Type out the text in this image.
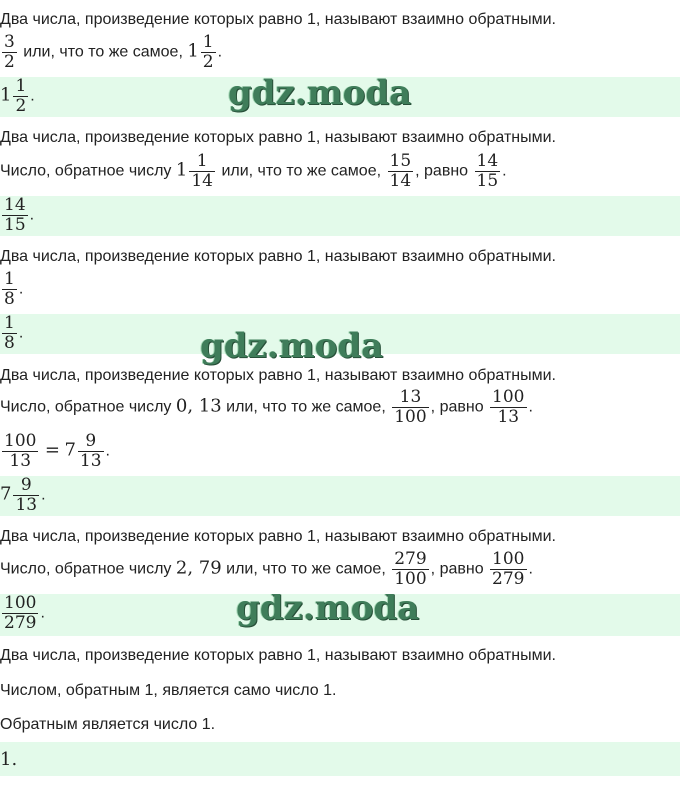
Два числа, произведение которых равно 1, называют взаимно обратными.
$\frac{3}{2}$ или, что то же самое, $1 \frac{1}{2}$ .
$1 \frac{1}{2}$ .	gdz.moda
Два числа, произведение которых равно 1, называют взаимно обратными.
Число, обратное числу $1 \frac{1}{14}$ или, что то же самое, $\frac{15}{14}$ , равно $\frac{14}{15}$ .
$\frac{14}{15}$ .
Два числа, произведение которых равно 1, называют взаимно обратными.
$\frac{1}{8}$ .
$\frac{1}{8}$ .	gdz.moda
Два числа, произведение которых равно 1, называют взаимно обратными.
Число, обратное числу 0, 13 или, что то же самое, $\frac{13}{100}$ , равно $\frac{100}{13}$ .
$\frac{100}{13} = 7 \frac{9}{13}$ .
$7 \frac{9}{13}$ .
Два числа, произведение которых равно 1, называют взаимно обратными.
Число, обратное числу 2, 79 или, что то же самое, $\frac{279}{100}$ , равно $\frac{100}{279}$ .
$\frac{100}{279}$ .	gdz.moda
Два числа, произведение которых равно 1, называют взаимно обратными.
Числом, обратным 1, является само число 1.
Обратным является число 1.
1.
